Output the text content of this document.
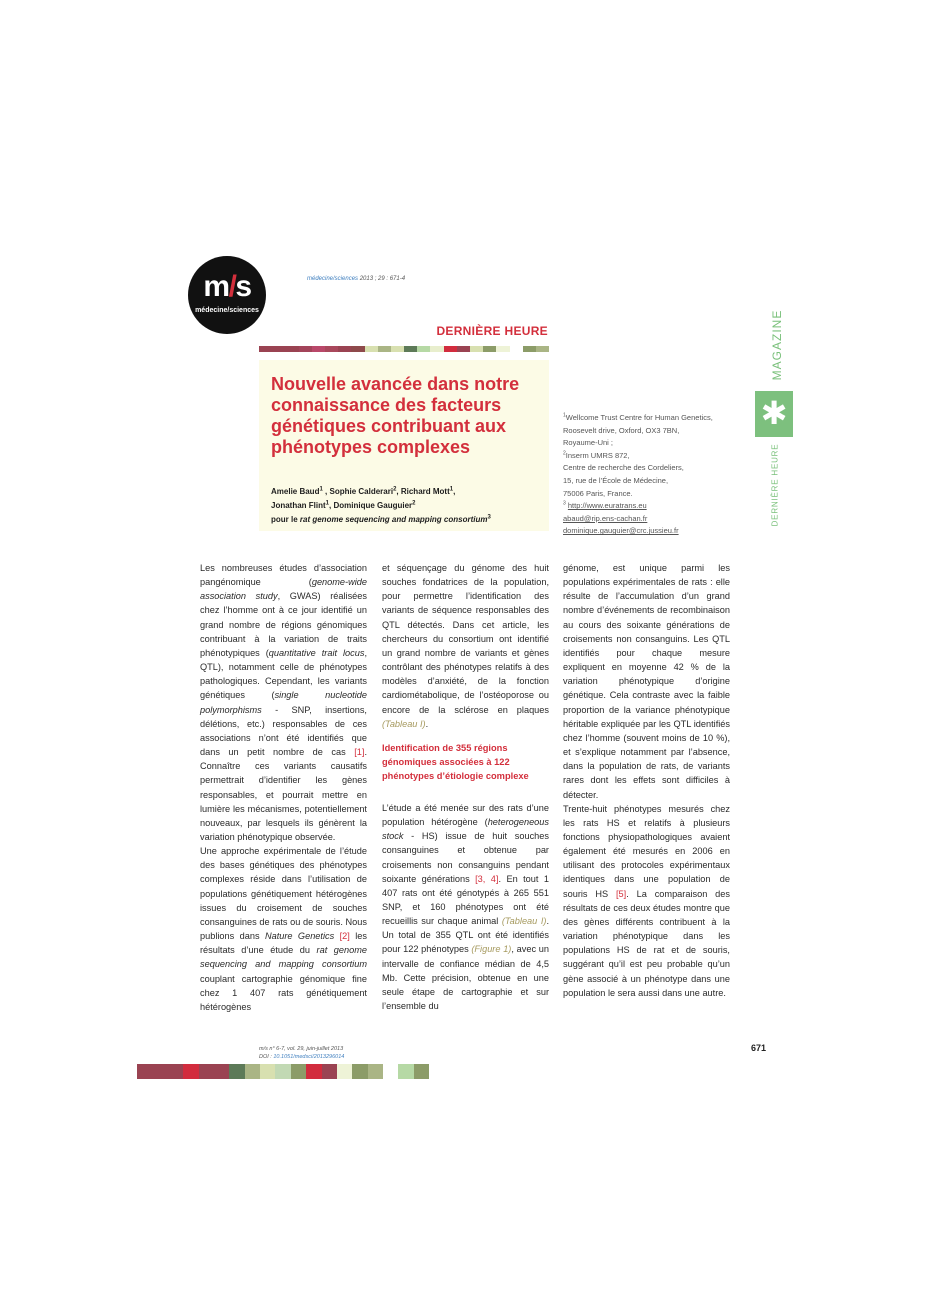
m/s
médecine/sciences
médecine/sciences 2013 ; 29 : 671-4
DERNIÈRE HEURE
Nouvelle avancée dans notre connaissance des facteurs génétiques contribuant aux phénotypes complexes
Amelie Baud$^1$ , Sophie Calderari$^2$, Richard Mott$^1$,
Jonathan Flint$^1$, Dominique Gauguier$^2$
pour le rat genome sequencing and mapping consortium$^3$
$^1$Wellcome Trust Centre for Human Genetics,
Roosevelt drive, Oxford, OX3 7BN,
Royaume-Uni ;
$^2$Inserm UMRS 872,
Centre de recherche des Cordeliers,
15, rue de l’École de Médecine,
75006 Paris, France.
$^3$ http://www.euratrans.eu
abaud@rip.ens-cachan.fr
dominique.gauguier@crc.jussieu.fr
MAGAZINE
✱
DERNIÈRE HEURE

Les nombreuses études d’association pangénomique (genome-wide association study, GWAS) réalisées chez l’homme ont à ce jour identifié un grand nombre de régions génomiques contribuant à la variation de traits phénotypiques (quantitative trait locus, QTL), notamment celle de phénotypes pathologiques. Cependant, les variants génétiques (single nucleotide polymorphisms - SNP, insertions, délétions, etc.) responsables de ces associations n’ont été identifiés que dans un petit nombre de cas [1]. Connaître ces variants causatifs permettrait d’identifier les gènes responsables, et pourrait mettre en lumière les mécanismes, potentiellement nouveaux, par lesquels ils génèrent la variation phénotypique observée.

Une approche expérimentale de l’étude des bases génétiques des phénotypes complexes réside dans l’utilisation de populations génétiquement hétérogènes issues du croisement de souches consanguines de rats ou de souris. Nous publions dans Nature Genetics [2] les résultats d’une étude du rat genome sequencing and mapping consortium couplant cartographie génomique fine chez 1 407 rats génétiquement hétérogènes

et séquençage du génome des huit souches fondatrices de la population, pour permettre l’identification des variants de séquence responsables des QTL détectés. Dans cet article, les chercheurs du consortium ont identifié un grand nombre de variants et gènes contrôlant des phénotypes relatifs à des modèles d’anxiété, de la fonction cardiométabolique, de l’ostéoporose ou encore de la sclérose en plaques (Tableau I).

Identification de 355 régions génomiques associées à 122 phénotypes d’étiologie complexe

L’étude a été menée sur des rats d’une population hétérogène (heterogeneous stock - HS) issue de huit souches consanguines et obtenue par croisements non consanguins pendant soixante générations [3, 4]. En tout 1 407 rats ont été génotypés à 265 551 SNP, et 160 phénotypes ont été recueillis sur chaque animal (Tableau I). Un total de 355 QTL ont été identifiés pour 122 phénotypes (Figure 1), avec un intervalle de confiance médian de 4,5 Mb. Cette précision, obtenue en une seule étape de cartographie et sur l’ensemble du

génome, est unique parmi les populations expérimentales de rats : elle résulte de l’accumulation d’un grand nombre d’événements de recombinaison au cours des soixante générations de croisements non consanguins. Les QTL identifiés pour chaque mesure expliquent en moyenne 42 % de la variation phénotypique d’origine génétique. Cela contraste avec la faible proportion de la variance phénotypique héritable expliquée par les QTL identifiés chez l’homme (souvent moins de 10 %), et s’explique notamment par l’absence, dans la population de rats, de variants rares dont les effets sont difficiles à détecter.

Trente-huit phénotypes mesurés chez les rats HS et relatifs à plusieurs fonctions physiopathologiques avaient également été mesurés en 2006 en utilisant des protocoles expérimentaux identiques dans une population de souris HS [5]. La comparaison des résultats de ces deux études montre que des gènes différents contribuent à la variation phénotypique dans les populations HS de rat et de souris, suggérant qu’il est peu probable qu’un gène associé à un phénotype dans une population le sera aussi dans une autre.

m/s n° 6-7, vol. 29, juin-juillet 2013
DOI : 10.1051/medsci/2013296014
671
